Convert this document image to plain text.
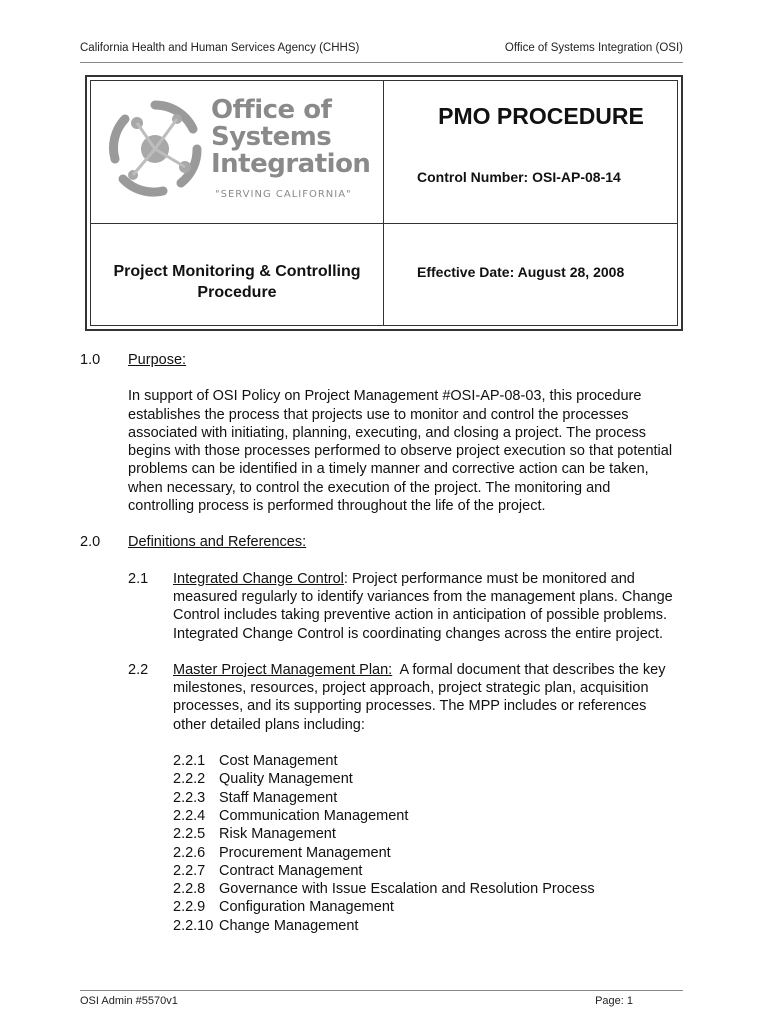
California Health and Human Services Agency (CHHS)	Office of Systems Integration (OSI)
Office of
Systems
Integration
"SERVING CALIFORNIA"
PMO PROCEDURE
Control Number: OSI-AP-08-14
Project Monitoring & Controlling
Procedure
Effective Date: August 28, 2008
1.0	Purpose:
In support of OSI Policy on Project Management #OSI-AP-08-03, this procedure establishes the process that projects use to monitor and control the processes associated with initiating, planning, executing, and closing a project. The process begins with those processes performed to observe project execution so that potential problems can be identified in a timely manner and corrective action can be taken, when necessary, to control the execution of the project. The monitoring and controlling process is performed throughout the life of the project.
2.0	Definitions and References:
2.1	Integrated Change Control: Project performance must be monitored and measured regularly to identify variances from the management plans. Change Control includes taking preventive action in anticipation of possible problems. Integrated Change Control is coordinating changes across the entire project.
2.2	Master Project Management Plan:  A formal document that describes the key milestones, resources, project approach, project strategic plan, acquisition processes, and its supporting processes. The MPP includes or references other detailed plans including:
2.2.1 Cost Management
2.2.2 Quality Management
2.2.3 Staff Management
2.2.4 Communication Management
2.2.5 Risk Management
2.2.6 Procurement Management
2.2.7 Contract Management
2.2.8 Governance with Issue Escalation and Resolution Process
2.2.9 Configuration Management
2.2.10 Change Management
OSI Admin #5570v1	Page: 1
